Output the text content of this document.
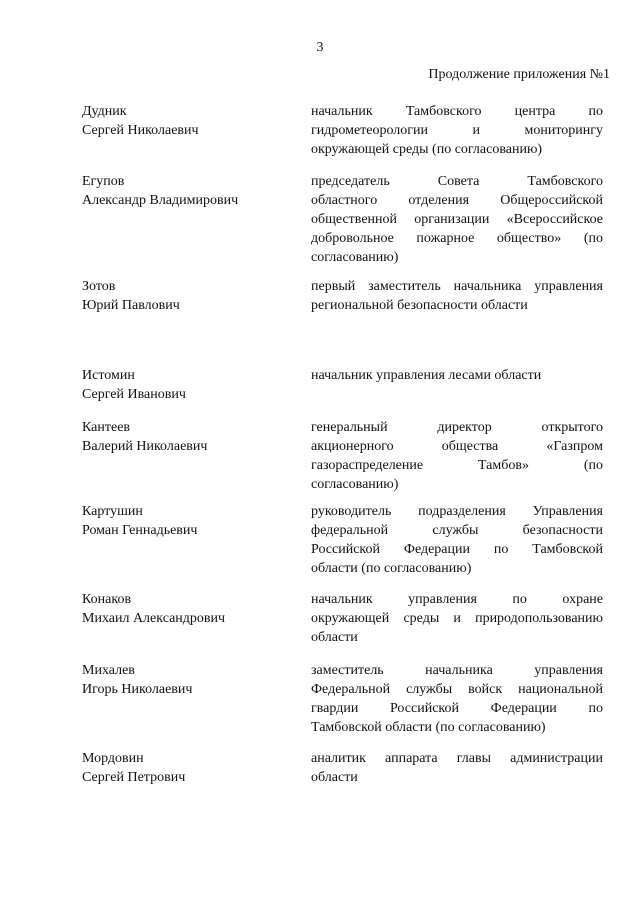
3
Продолжение приложения №1
Дудник
Сергей Николаевич
начальник Тамбовского центра по
гидрометеорологии и мониторингу
окружающей среды (по согласованию)
Егупов
Александр Владимирович
председатель Совета Тамбовского
областного отделения Общероссийской
общественной организации «Всероссийское
добровольное пожарное общество» (по
согласованию)
Зотов
Юрий Павлович
первый заместитель начальника управления
региональной безопасности области
Истомин
Сергей Иванович
начальник управления лесами области
Кантеев
Валерий Николаевич
генеральный директор открытого
акционерного общества «Газпром
газораспределение Тамбов» (по
согласованию)
Картушин
Роман Геннадьевич
руководитель подразделения Управления
федеральной службы безопасности
Российской Федерации по Тамбовской
области (по согласованию)
Конаков
Михаил Александрович
начальник управления по охране
окружающей среды и природопользованию
области
Михалев
Игорь Николаевич
заместитель начальника управления
Федеральной службы войск национальной
гвардии Российской Федерации по
Тамбовской области (по согласованию)
Мордовин
Сергей Петрович
аналитик аппарата главы администрации
области
